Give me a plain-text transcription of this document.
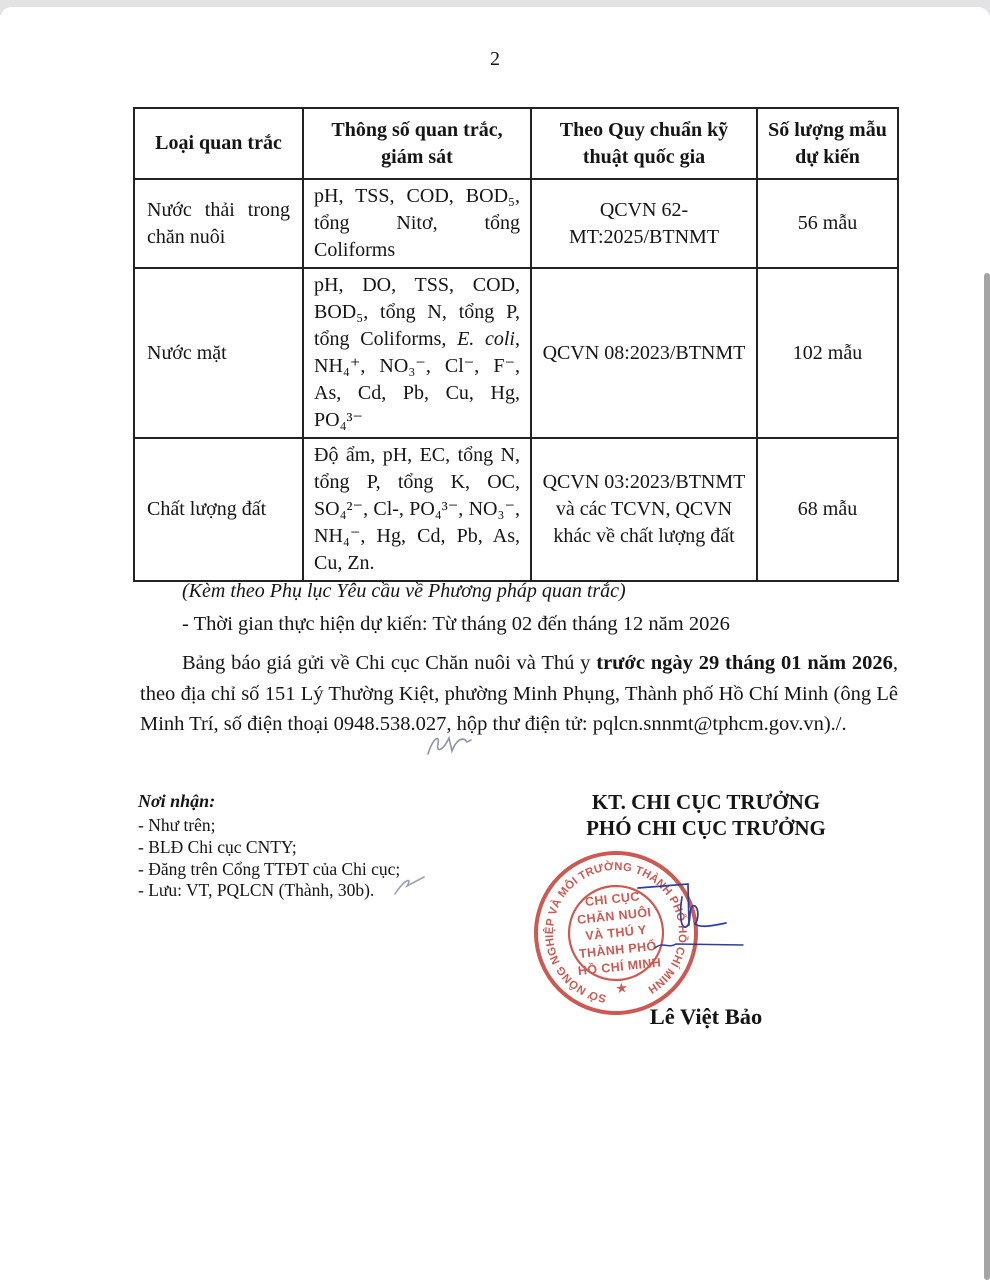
2
Loại quan trắc	Thông số quan trắc, giám sát	Theo Quy chuẩn kỹ thuật quốc gia	Số lượng mẫu dự kiến
Nước thải trong chăn nuôi	pH, TSS, COD, BOD₅, tổng Nitơ, tổng Coliforms	QCVN 62-MT:2025/BTNMT	56 mẫu
Nước mặt	pH, DO, TSS, COD, BOD₅, tổng N, tổng P, tổng Coliforms, E. coli, NH₄⁺, NO₃⁻, Cl⁻, F⁻, As, Cd, Pb, Cu, Hg, PO₄³⁻	QCVN 08:2023/BTNMT	102 mẫu
Chất lượng đất	Độ ẩm, pH, EC, tổng N, tổng P, tổng K, OC, SO₄²⁻, Cl-, PO₄³⁻, NO₃⁻, NH₄⁻, Hg, Cd, Pb, As, Cu, Zn.	QCVN 03:2023/BTNMT và các TCVN, QCVN khác về chất lượng đất	68 mẫu
(Kèm theo Phụ lục Yêu cầu về Phương pháp quan trắc)
- Thời gian thực hiện dự kiến: Từ tháng 02 đến tháng 12 năm 2026
Bảng báo giá gửi về Chi cục Chăn nuôi và Thú y trước ngày 29 tháng 01 năm 2026, theo địa chỉ số 151 Lý Thường Kiệt, phường Minh Phụng, Thành phố Hồ Chí Minh (ông Lê Minh Trí, số điện thoại 0948.538.027, hộp thư điện tử: pqlcn.snnmt@tphcm.gov.vn)./.
Nơi nhận:
- Như trên;
- BLĐ Chi cục CNTY;
- Đăng trên Cổng TTĐT của Chi cục;
- Lưu: VT, PQLCN (Thành, 30b).
KT. CHI CỤC TRƯỞNG
PHÓ CHI CỤC TRƯỞNG
SỞ NÔNG NGHIỆP VÀ MÔI TRƯỜNG THÀNH PHỐ HỒ CHÍ MINH
CHI CỤC
CHĂN NUÔI
VÀ THÚ Y
THÀNH PHỐ
HỒ CHÍ MINH
★
Lê Việt Bảo
